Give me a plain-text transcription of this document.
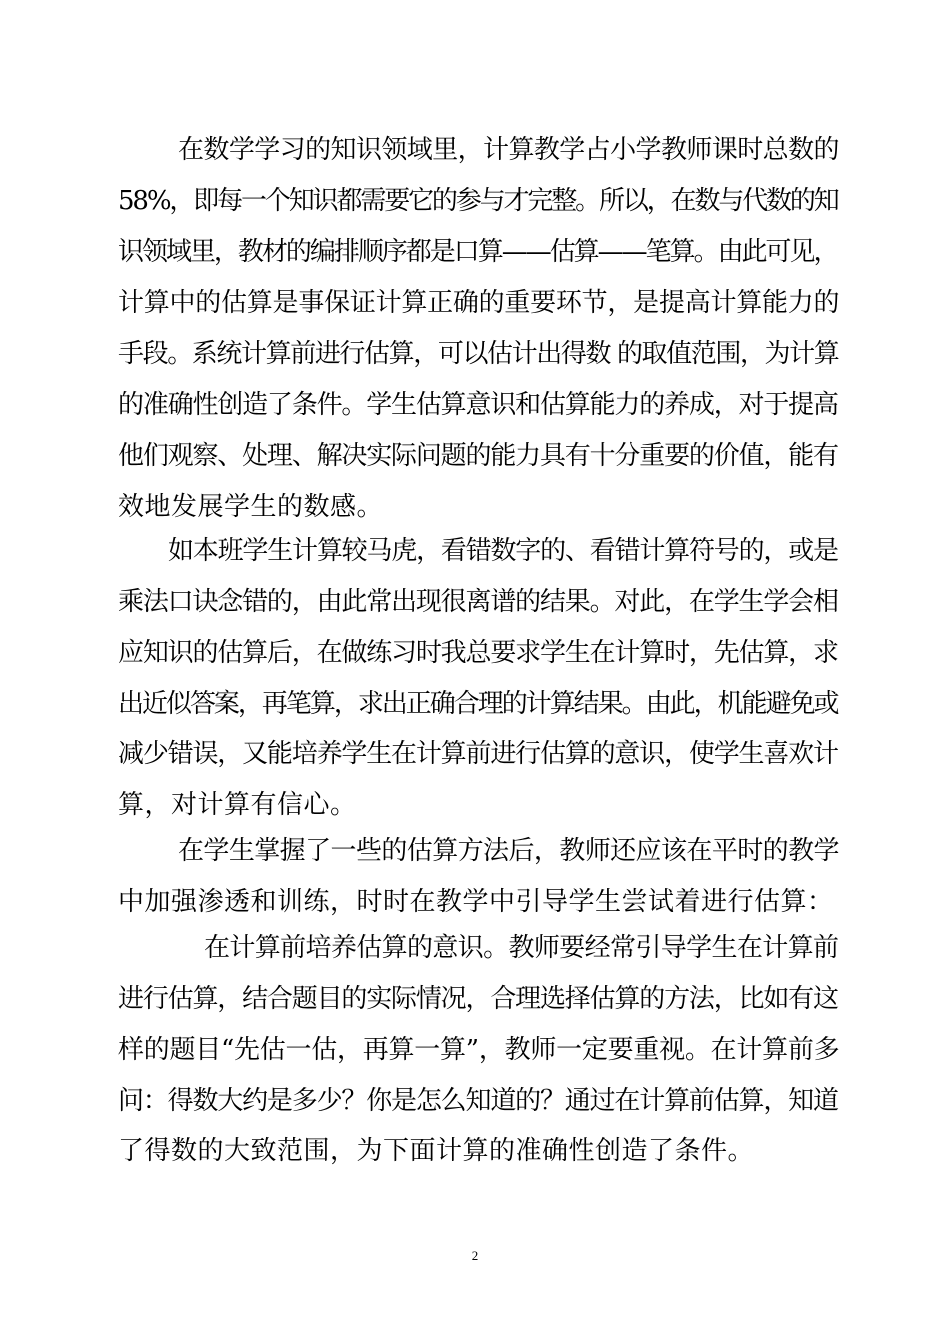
在数学学习的知识领域里，计算教学占小学教师课时总数的
58%，即每一个知识都需要它的参与才完整。所以，在数与代数的知
识领域里，教材的编排顺序都是口算——估算——笔算。由此可见，
计算中的估算是事保证计算正确的重要环节，是提高计算能力的
手段。系统计算前进行估算，可以估计出得数 的取值范围，为计算
的准确性创造了条件。学生估算意识和估算能力的养成，对于提高
他们观察、处理、解决实际问题的能力具有十分重要的价值，能有
效地发展学生的数感。
如本班学生计算较马虎，看错数字的、看错计算符号的，或是
乘法口诀念错的，由此常出现很离谱的结果。对此，在学生学会相
应知识的估算后，在做练习时我总要求学生在计算时，先估算，求
出近似答案，再笔算，求出正确合理的计算结果。由此，机能避免或
减少错误，又能培养学生在计算前进行估算的意识，使学生喜欢计
算，对计算有信心。
在学生掌握了一些的估算方法后，教师还应该在平时的教学
中加强渗透和训练，时时在教学中引导学生尝试着进行估算：
在计算前培养估算的意识。教师要经常引导学生在计算前
进行估算，结合题目的实际情况，合理选择估算的方法，比如有这
样的题目“先估一估，再算一算”，教师一定要重视。在计算前多
问：得数大约是多少？你是怎么知道的？通过在计算前估算，知道
了得数的大致范围，为下面计算的准确性创造了条件。
2
